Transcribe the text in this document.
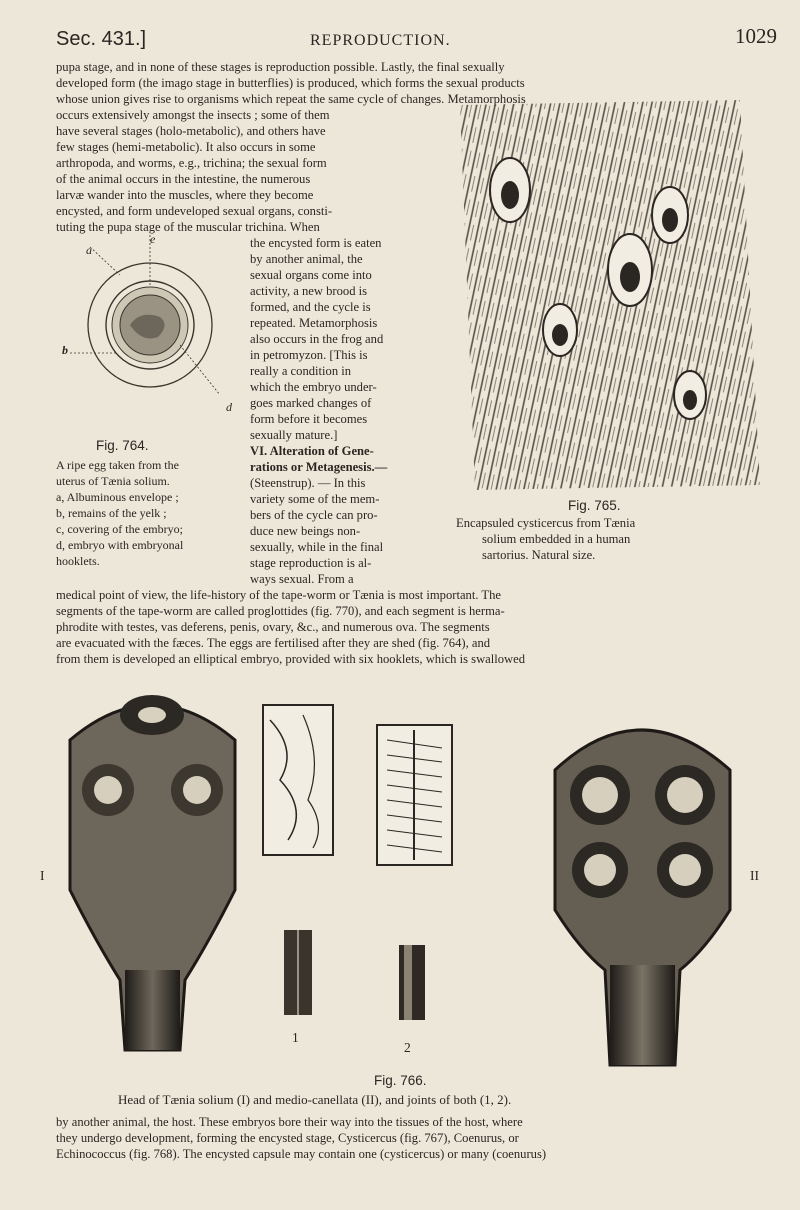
Sec. 431.]	REPRODUCTION.	1029
pupa stage, and in none of these stages is reproduction possible. Lastly, the final sexually
developed form (the imago stage in butterflies) is produced, which forms the sexual products
whose union gives rise to organisms which repeat the same cycle of changes. Metamorphosis
occurs extensively amongst the insects ; some of them
have several stages (holo-metabolic), and others have
few stages (hemi-metabolic). It also occurs in some
arthropoda, and worms, e.g., trichina; the sexual form
of the animal occurs in the intestine, the numerous
larvæ wander into the muscles, where they become
encysted, and form undeveloped sexual organs, consti-
tuting the pupa stage of the muscular trichina. When
the encysted form is eaten
by another animal, the
sexual organs come into
activity, a new brood is
formed, and the cycle is
repeated. Metamorphosis
also occurs in the frog and
in petromyzon. [This is
really a condition in
which the embryo under-
goes marked changes of
form before it becomes
sexually mature.]
VI. Alteration of Gene-
rations or Metagenesis.—
(Steenstrup). — In this
variety some of the mem-
bers of the cycle can pro-
duce new beings non-
sexually, while in the final
stage reproduction is al-
ways sexual. From a
a
e
b
d
Fig. 764.
A ripe egg taken from the
uterus of Tænia solium.
a, Albuminous envelope ;
b, remains of the yelk ;
c, covering of the embryo;
d, embryo with embryonal
hooklets.
Fig. 765.
Encapsuled cysticercus from Tænia
solium embedded in a human
sartorius. Natural size.
medical point of view, the life-history of the tape-worm or Tænia is most important. The
segments of the tape-worm are called proglottides (fig. 770), and each segment is herma-
phrodite with testes, vas deferens, penis, ovary, &c., and numerous ova. The segments
are evacuated with the fæces. The eggs are fertilised after they are shed (fig. 764), and
from them is developed an elliptical embryo, provided with six hooklets, which is swallowed
I	II
1
2
Fig. 766.
Head of Tænia solium (I) and medio-canellata (II), and joints of both (1, 2).
by another animal, the host. These embryos bore their way into the tissues of the host, where
they undergo development, forming the encysted stage, Cysticercus (fig. 767), Coenurus, or
Echinococcus (fig. 768). The encysted capsule may contain one (cysticercus) or many (coenurus)
